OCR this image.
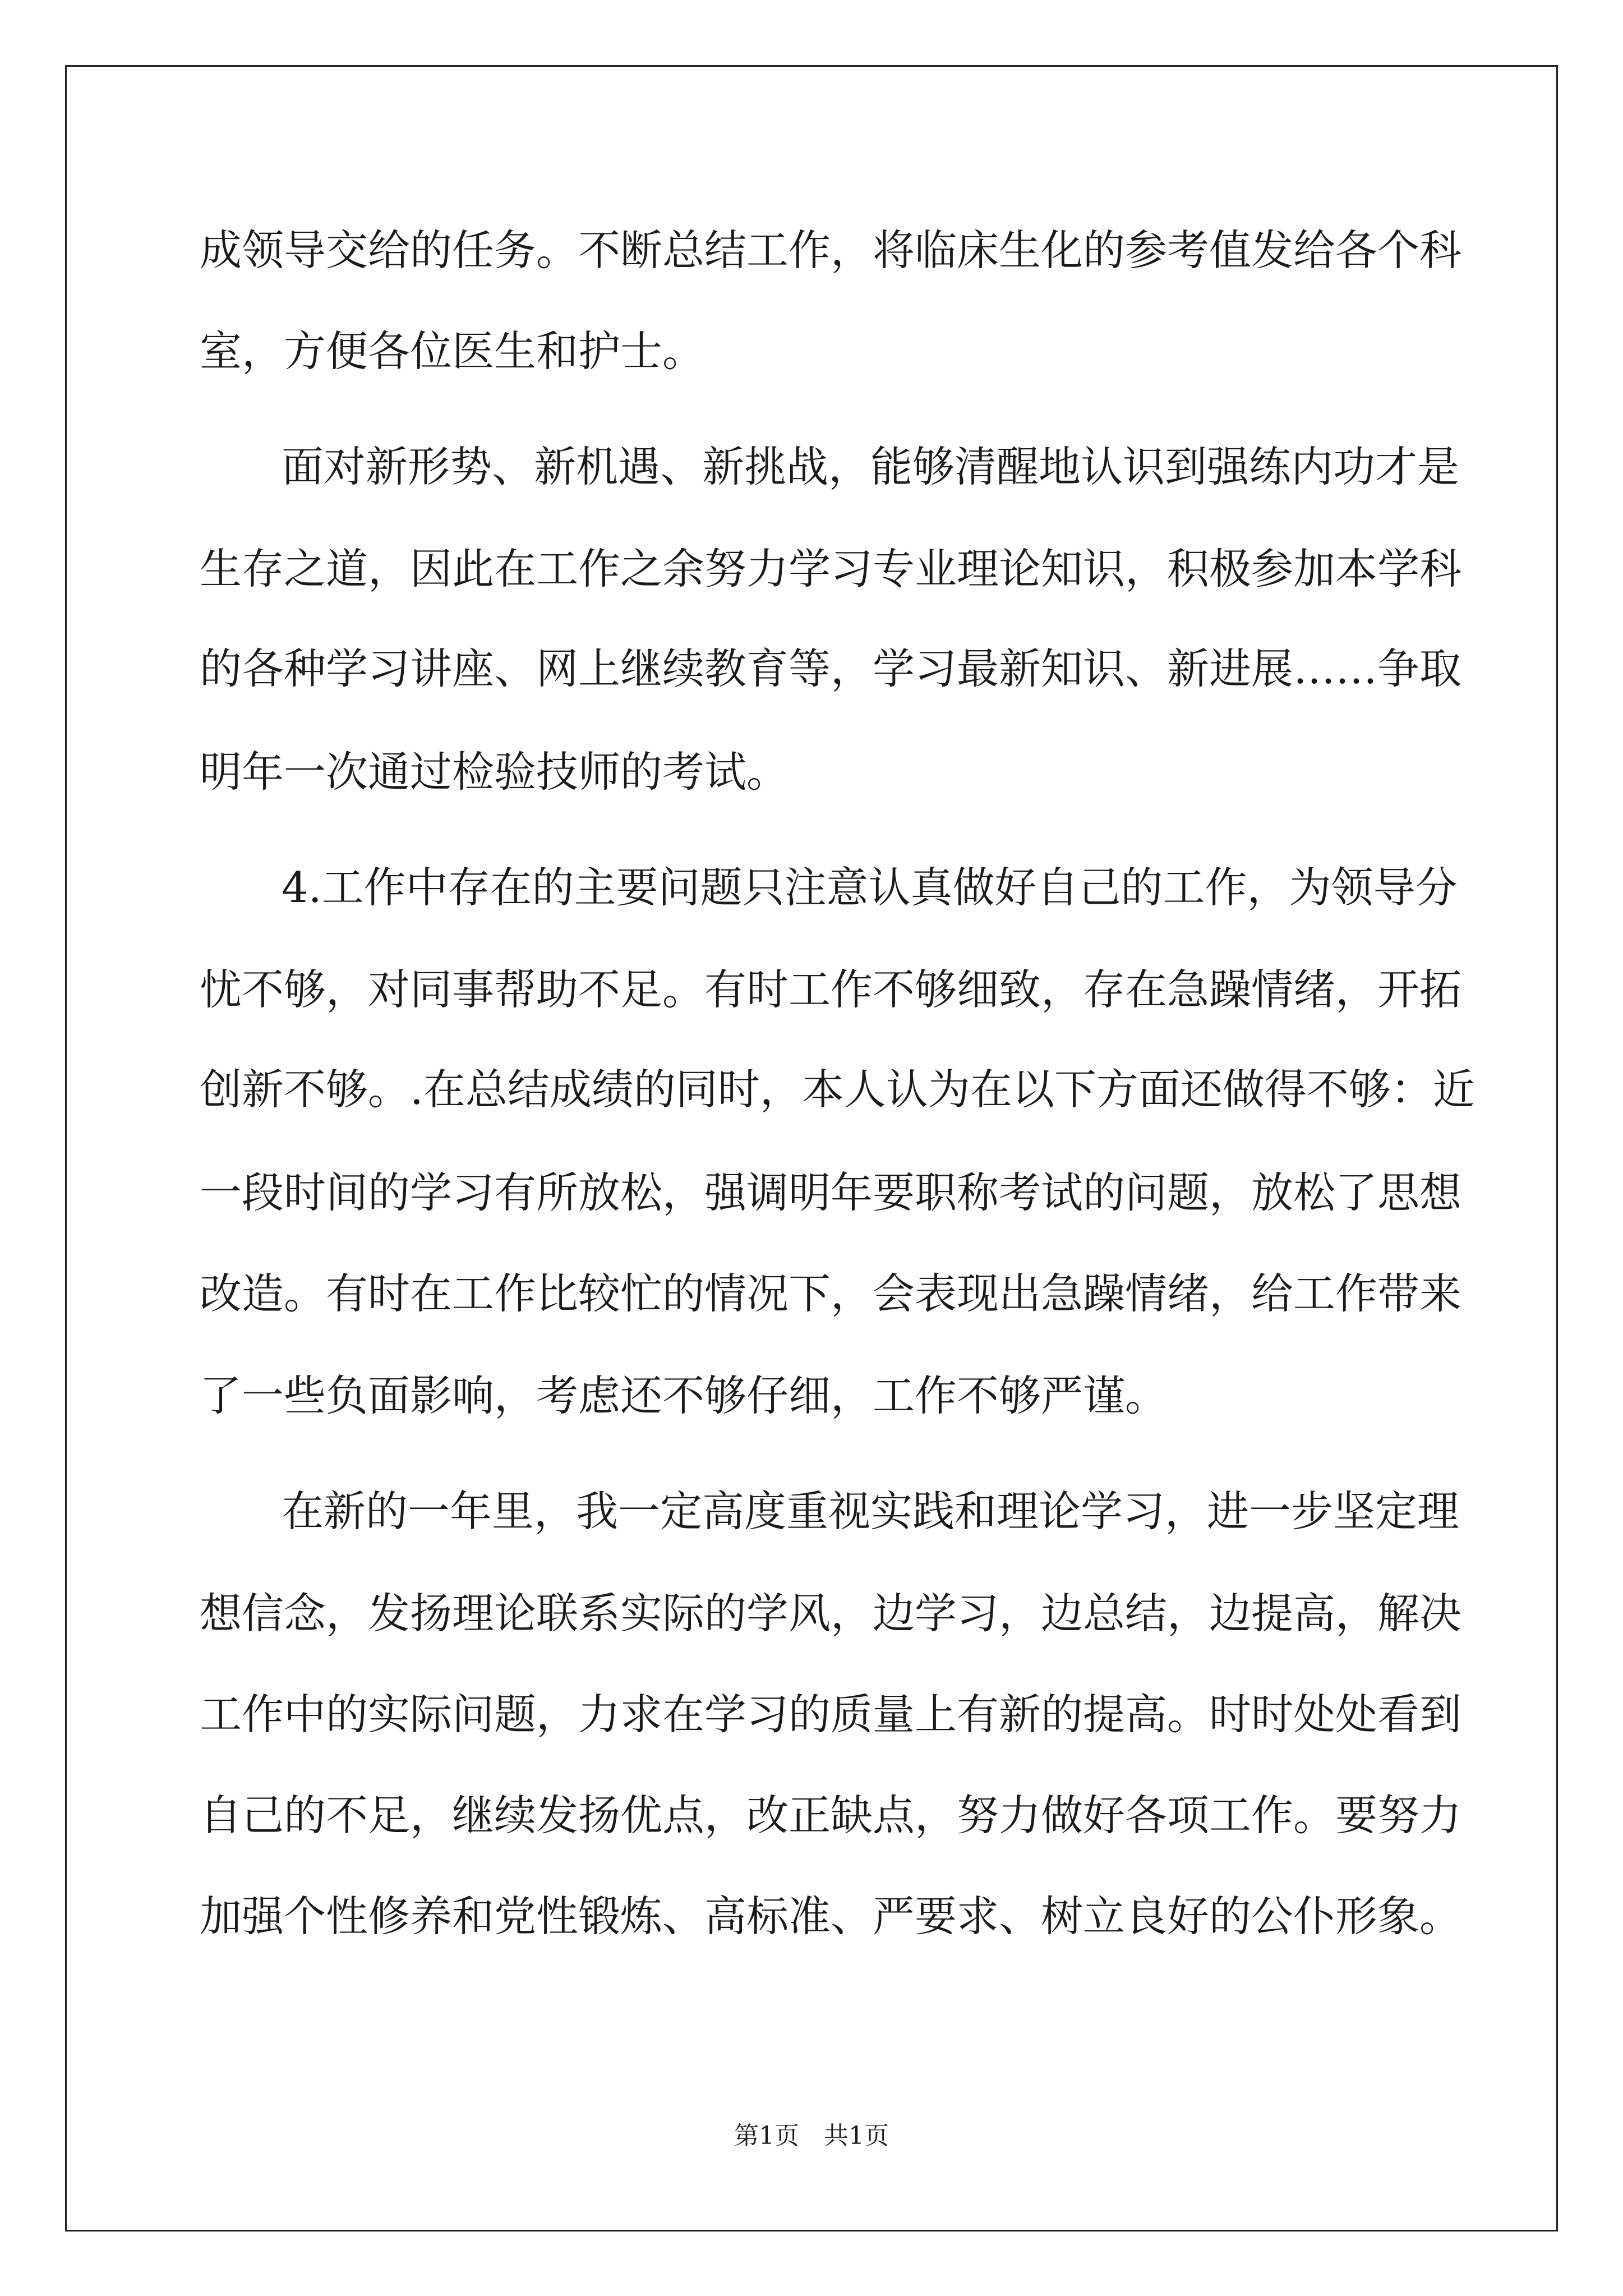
成领导交给的任务。不断总结工作，将临床生化的参考值发给各个科
室，方便各位医生和护士。
面对新形势、新机遇、新挑战，能够清醒地认识到强练内功才是
生存之道，因此在工作之余努力学习专业理论知识，积极参加本学科
的各种学习讲座、网上继续教育等，学习最新知识、新进展……争取
明年一次通过检验技师的考试。
4.工作中存在的主要问题只注意认真做好自己的工作，为领导分
忧不够，对同事帮助不足。有时工作不够细致，存在急躁情绪，开拓
创新不够。.在总结成绩的同时，本人认为在以下方面还做得不够：近
一段时间的学习有所放松，强调明年要职称考试的问题，放松了思想
改造。有时在工作比较忙的情况下，会表现出急躁情绪，给工作带来
了一些负面影响，考虑还不够仔细，工作不够严谨。
在新的一年里，我一定高度重视实践和理论学习，进一步坚定理
想信念，发扬理论联系实际的学风，边学习，边总结，边提高，解决
工作中的实际问题，力求在学习的质量上有新的提高。时时处处看到
自己的不足，继续发扬优点，改正缺点，努力做好各项工作。要努力
加强个性修养和党性锻炼、高标准、严要求、树立良好的公仆形象。
第1页　共1页
